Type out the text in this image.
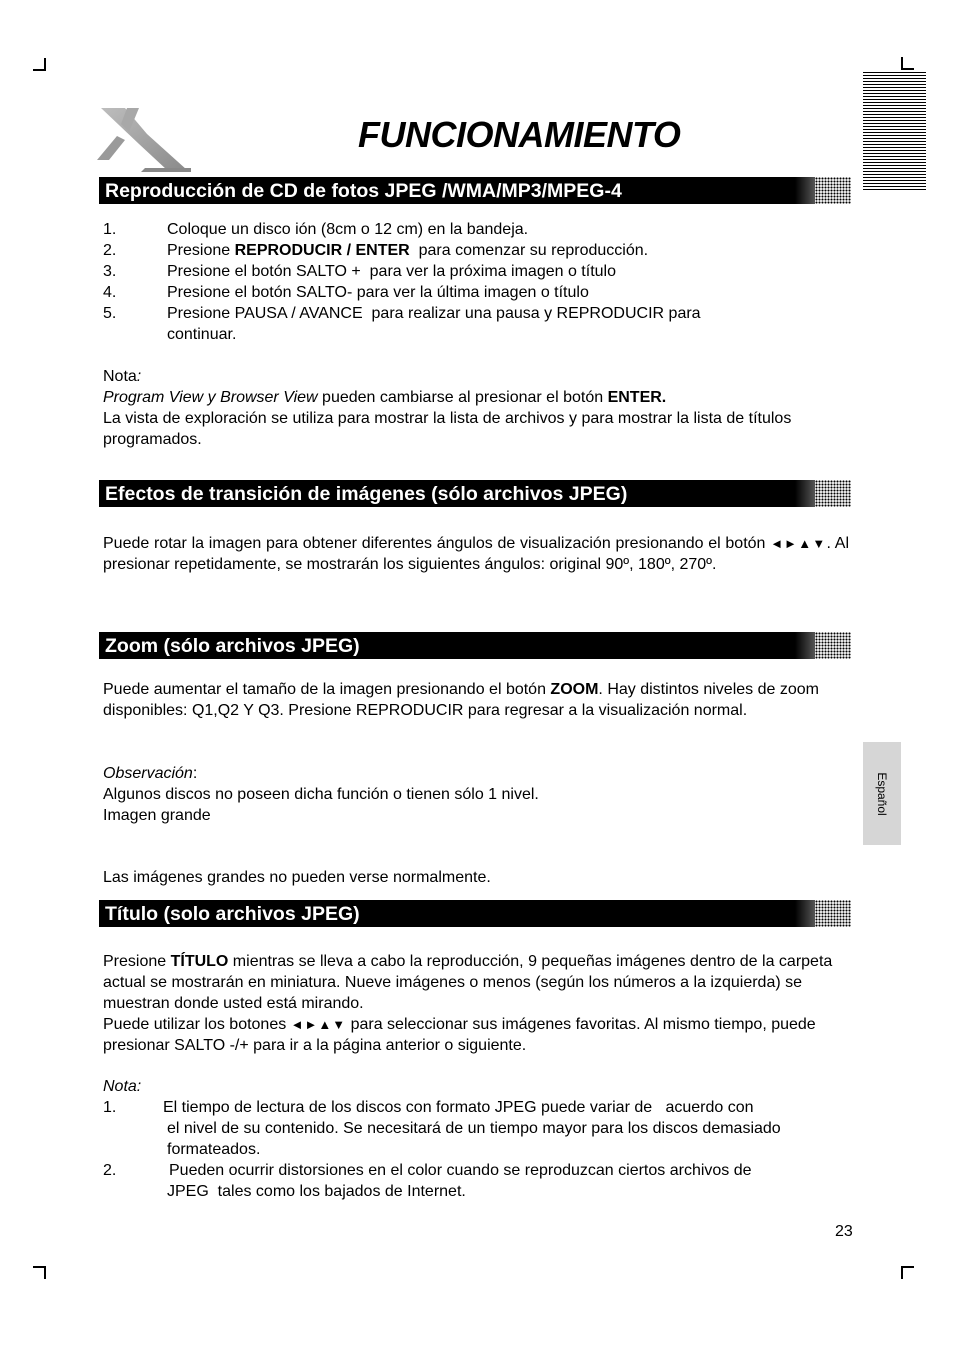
FUNCIONAMIENTO
Reproducción de CD de fotos JPEG /WMA/MP3/MPEG-4
1.	Coloque un disco ión (8cm o 12 cm) en la bandeja.
2.	Presione REPRODUCIR / ENTER  para comenzar su reproducción.
3.	Presione el botón SALTO +  para ver la próxima imagen o título
4.	Presione el botón SALTO- para ver la última imagen o título
5.	Presione PAUSA / AVANCE  para realizar una pausa y REPRODUCIR para
continuar.
Nota:
Program View y Browser View pueden cambiarse al presionar el botón ENTER.
La vista de exploración se utiliza para mostrar la lista de archivos y para mostrar la lista de títulos programados.
Efectos de transición de imágenes (sólo archivos JPEG)
Puede rotar la imagen para obtener diferentes ángulos de visualización presionando el botón ◄►▲▼. Al presionar repetidamente, se mostrarán los siguientes ángulos: original 90º, 180º, 270º.
Zoom (sólo archivos JPEG)
Puede aumentar el tamaño de la imagen presionando el botón ZOOM. Hay distintos niveles de zoom disponibles: Q1,Q2 Y Q3. Presione REPRODUCIR para regresar a la visualización normal.
Observación:
Algunos discos no poseen dicha función o tienen sólo 1 nivel.
Imagen grande
Las imágenes grandes no pueden verse normalmente.
Título (solo archivos JPEG)
Presione TÍTULO mientras se lleva a cabo la reproducción, 9 pequeñas imágenes dentro de la carpeta actual se mostrarán en miniatura. Nueve imágenes o menos (según los números a la izquierda) se muestran donde usted está mirando.
Puede utilizar los botones ◄►▲▼ para seleccionar sus imágenes favoritas. Al mismo tiempo, puede presionar SALTO -/+ para ir a la página anterior o siguiente.
Nota:
1.	El tiempo de lectura de los discos con formato JPEG puede variar de   acuerdo con
el nivel de su contenido. Se necesitará de un tiempo mayor para los discos demasiado formateados.
2.	Pueden ocurrir distorsiones en el color cuando se reproduzcan ciertos archivos de
JPEG  tales como los bajados de Internet.
Español
23
